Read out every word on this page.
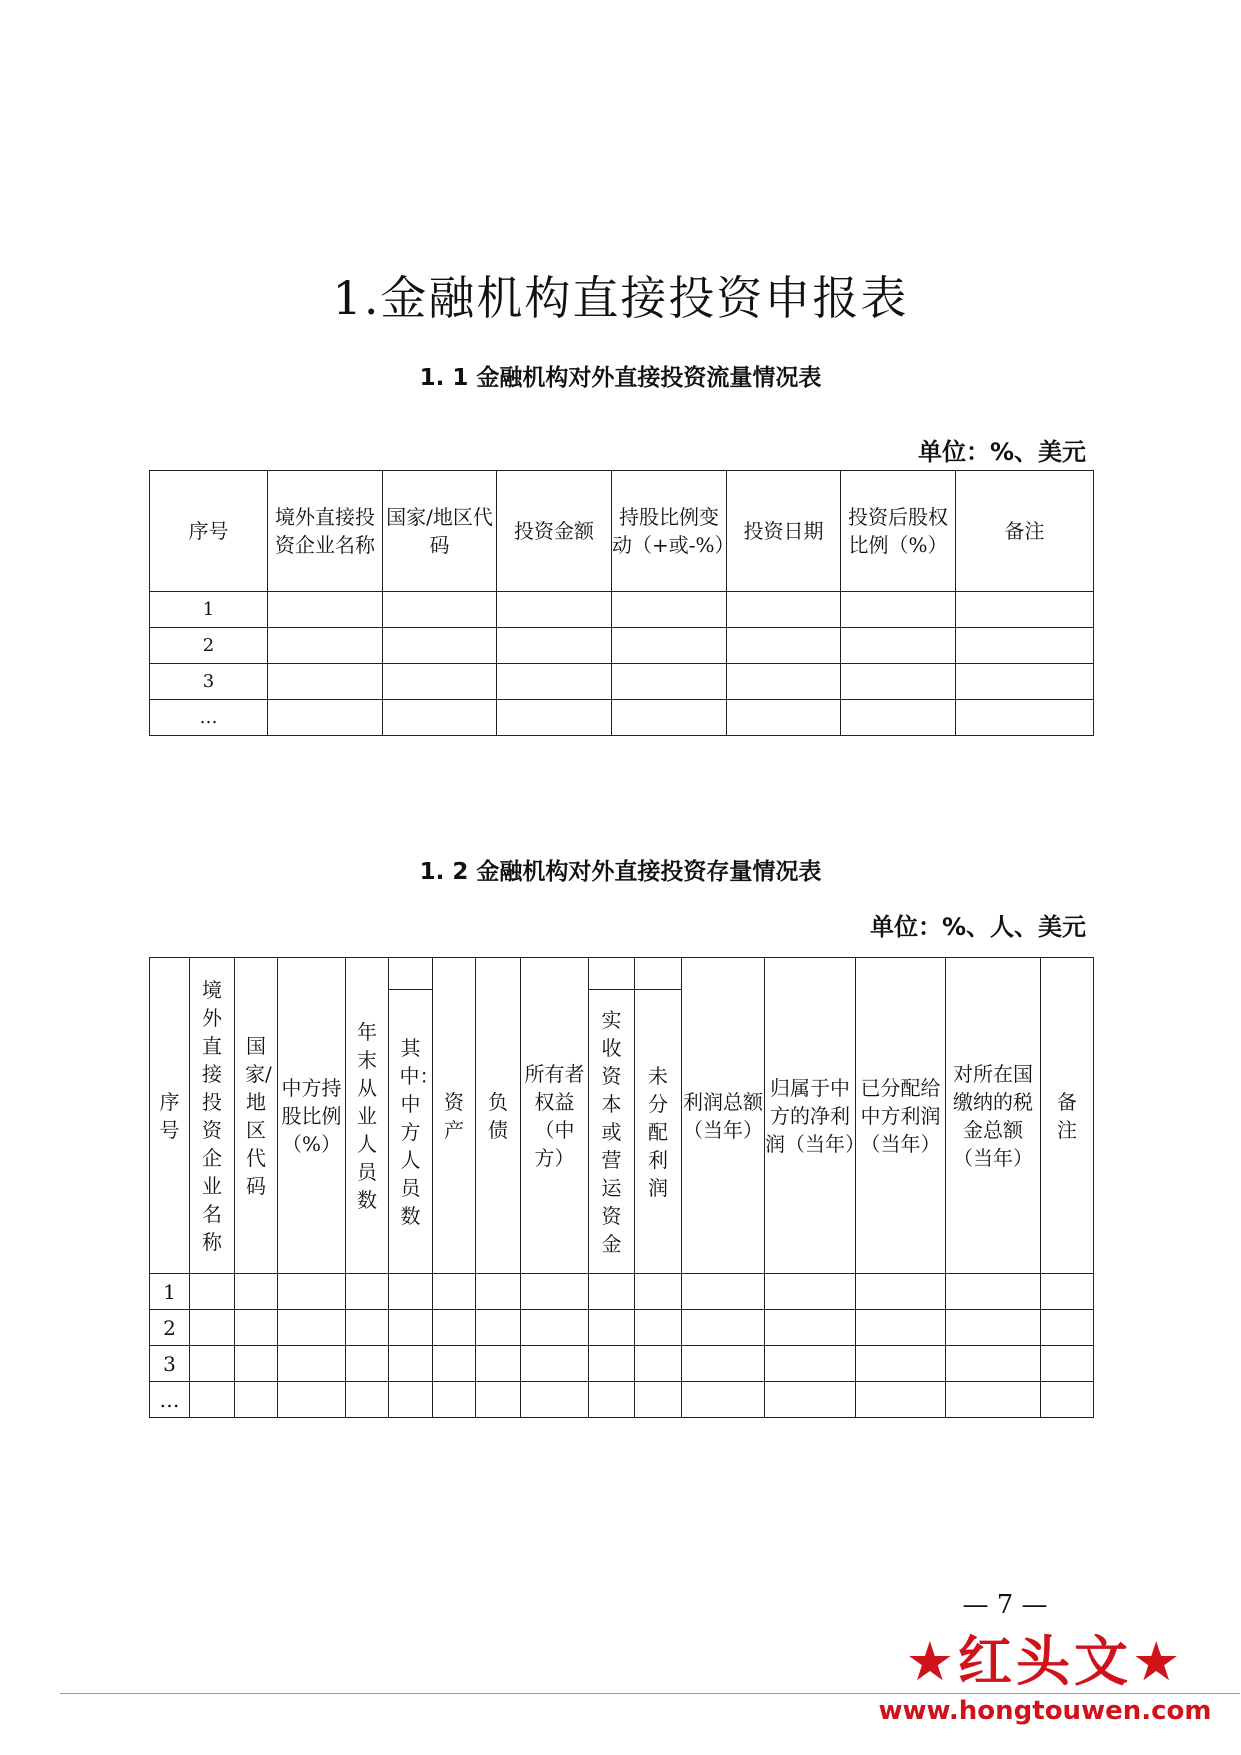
1.金融机构直接投资申报表
1. 1 金融机构对外直接投资流量情况表
单位：%、美元
序号	境外直接投资企业名称	国家/地区代码	投资金额	持股比例变动（+或-%）	投资日期	投资后股权比例（%）	备注
1							
2							
3							
…							
1. 2 金融机构对外直接投资存量情况表
单位：%、人、美元
序号	境外直接投资企业名称	国家/地区代码	中方持股比例（%）	年末从业人员数	其中：中方人员数	资产	负债	所有者权益（中方）	实收资本或营运资金	未分配利润	利润总额（当年）	归属于中方的净利润（当年）	已分配给中方利润（当年）	对所在国缴纳的税金总额（当年）	备注
1															
2															
3															
…															
— 7 —
★红头文★
www.hongtouwen.com
